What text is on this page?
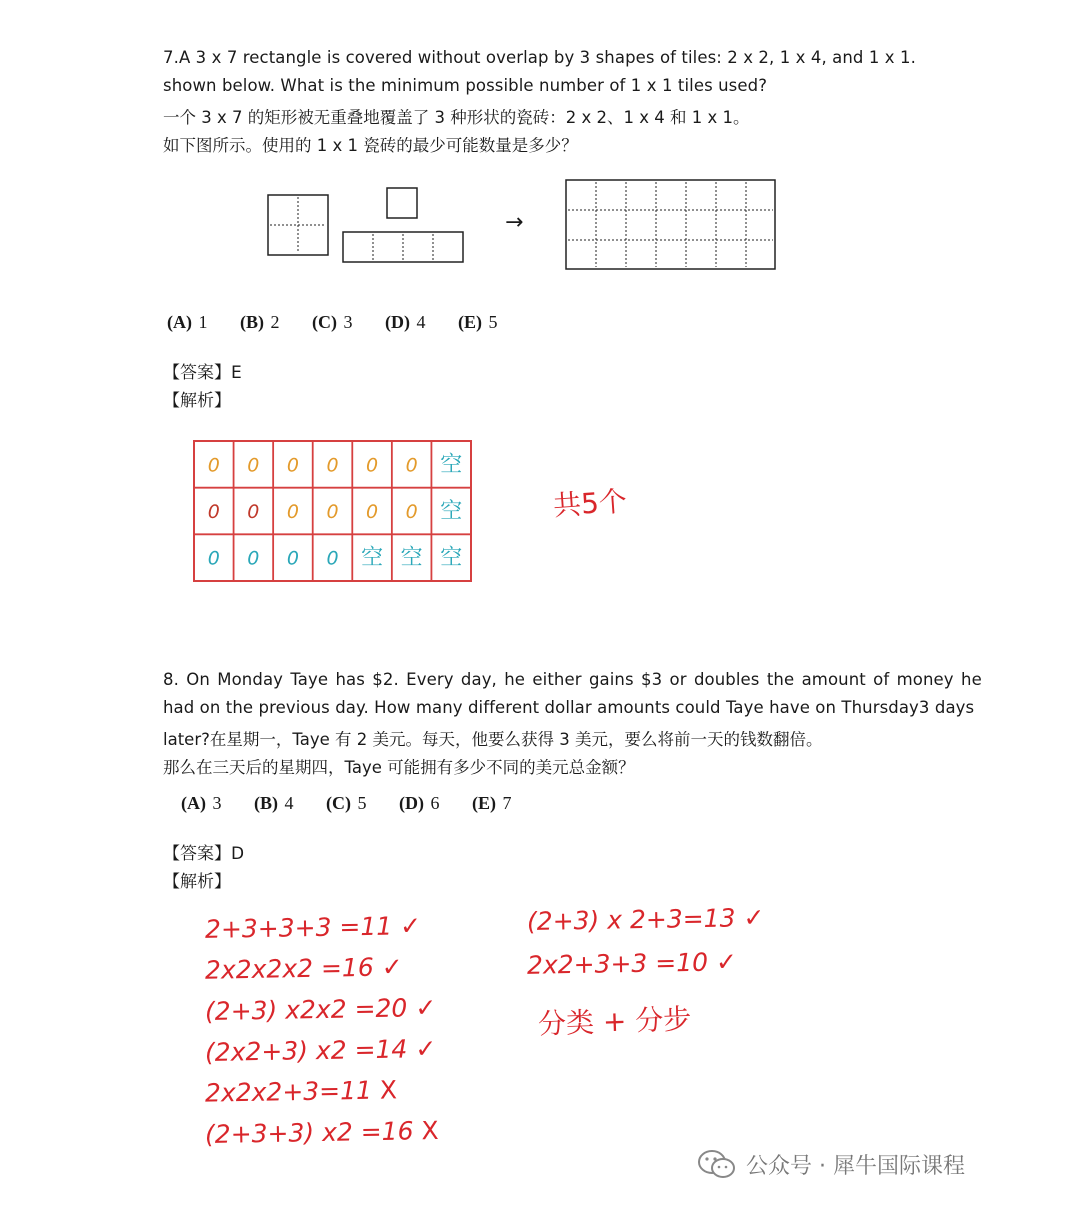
7.A 3 x 7 rectangle is covered without overlap by 3 shapes of tiles: 2 x 2, 1 x 4, and 1 x 1.
shown below. What is the minimum possible number of 1 x 1 tiles used?
一个 3 x 7 的矩形被无重叠地覆盖了 3 种形状的瓷砖：2 x 2、1 x 4 和 1 x 1。
如下图所示。使用的 1 x 1 瓷砖的最少可能数量是多少？
→
(A) 1 (B) 2 (C) 3 (D) 4 (E) 5
【答案】E
【解析】
0 0 0 0 0 0 空
0 0 0 0 0 0 空
0 0 0 0 空 空 空
共5个
8. On Monday Taye has $2. Every day, he either gains $3 or doubles the amount of money he
had on the previous day. How many different dollar amounts could Taye have on Thursday3 days
later?在星期一，Taye 有 2 美元。每天，他要么获得 3 美元，要么将前一天的钱数翻倍。
那么在三天后的星期四，Taye 可能拥有多少不同的美元总金额？
(A) 3 (B) 4 (C) 5 (D) 6 (E) 7
【答案】D
【解析】
2+3+3+3 =11 ✓
2x2x2x2 =16 ✓
(2+3) x2x2 =20 ✓
(2x2+3) x2 =14 ✓
2x2x2+3=11 X
(2+3+3) x2 =16 X
(2+3) x 2+3=13 ✓
2x2+3+3 =10 ✓
分类 + 分步
公众号 · 犀牛国际课程
